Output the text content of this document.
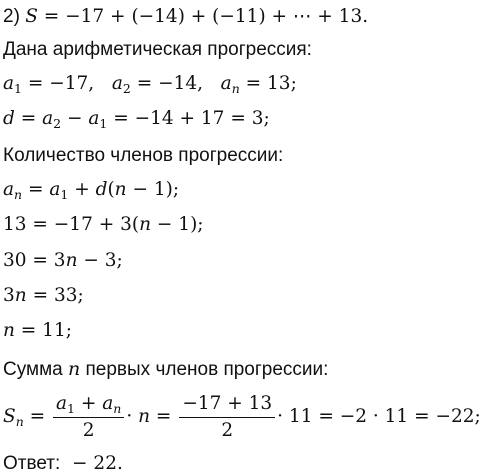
2) S = −17 + (−14) + (−11) + ⋯ + 13.
Дана арифметическая прогрессия:
$a_1 = -17$,   $a_2 = -14$,   $a_n = 13$;
$d = a_2 - a_1 = -14 + 17 = 3$;
Количество членов прогрессии:
$a_n = a_1 + d(n - 1)$;
13 = −17 + 3(n − 1);
30 = 3n − 3;
3n = 33;
n = 11;
Сумма n первых членов прогрессии:
$S_n = \frac{a_1 + a_n}{2} \cdot n = \frac{-17 + 13}{2} \cdot 11 = -2 \cdot 11 = -22$;
Ответ: − 22.
